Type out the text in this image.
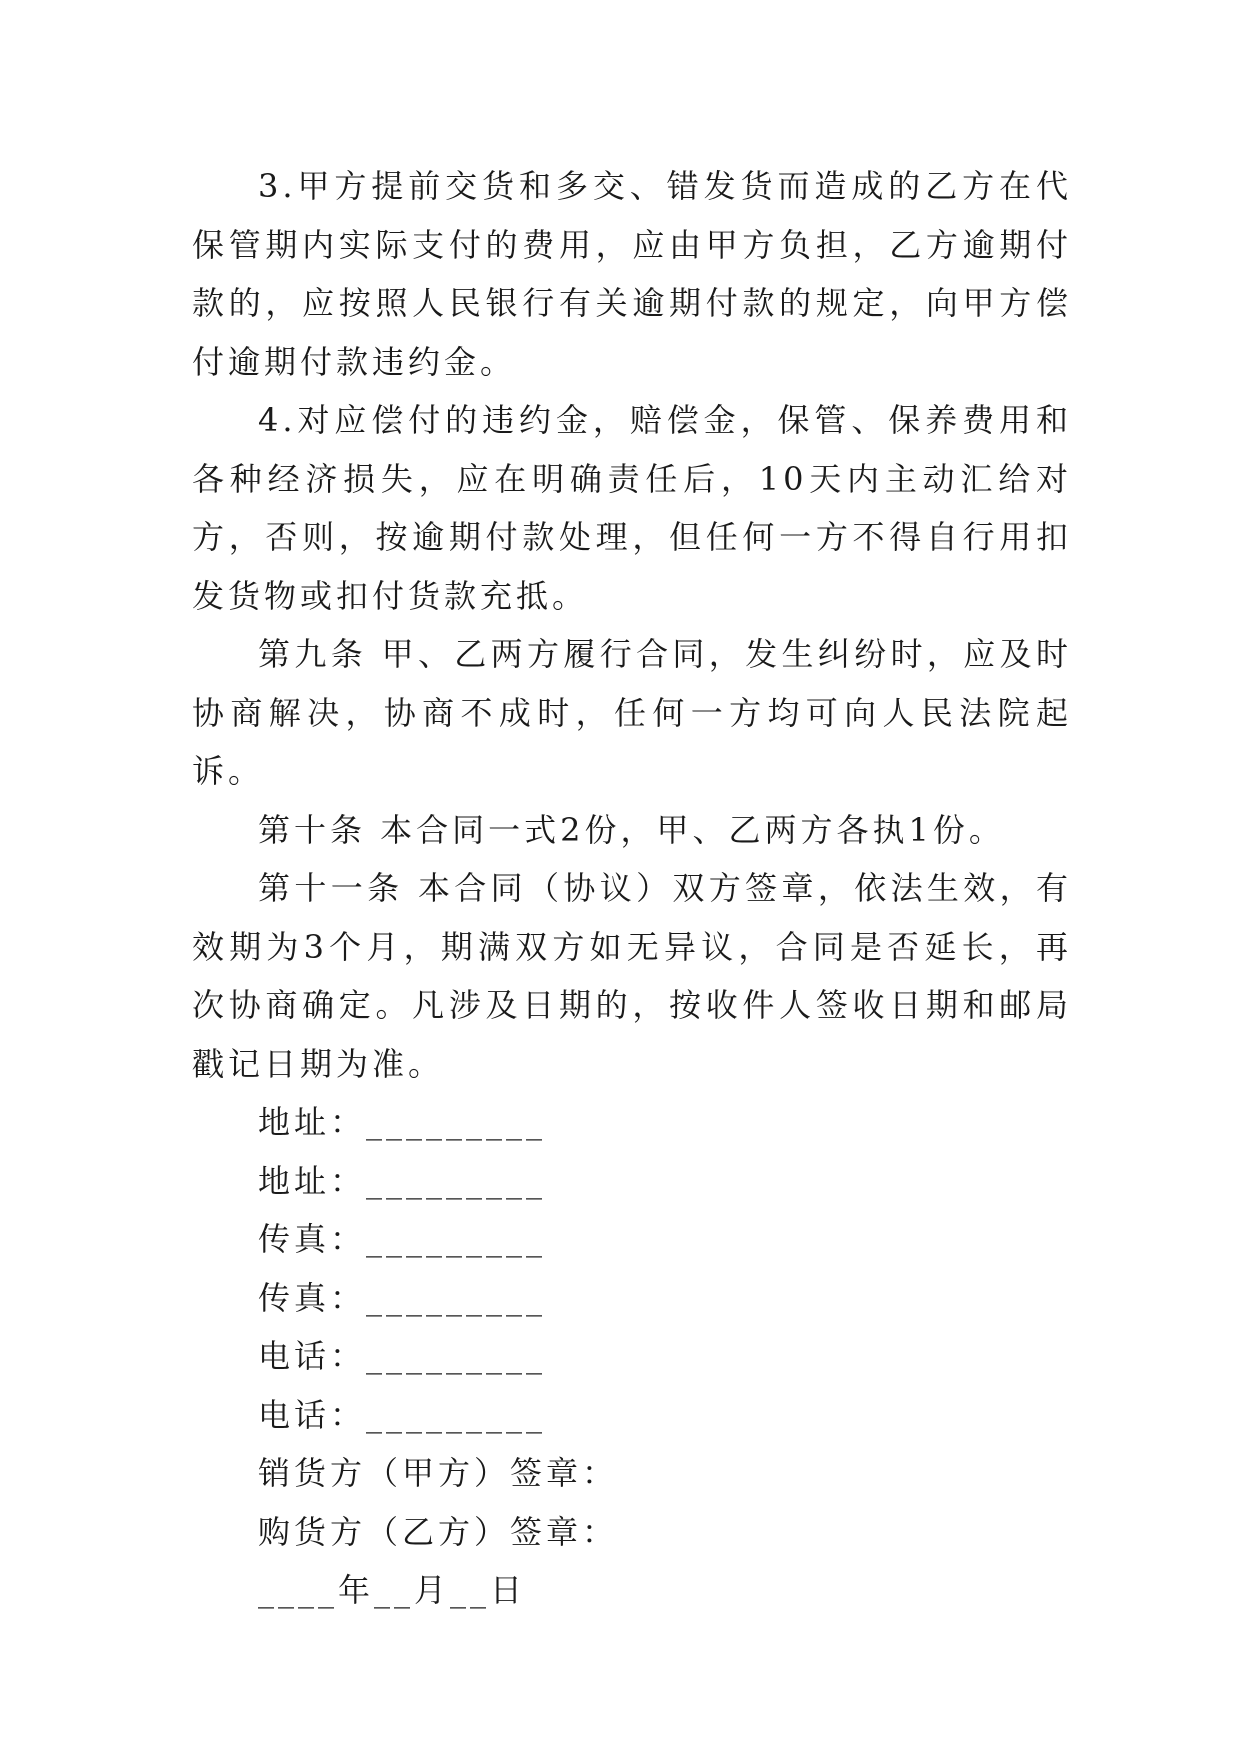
3.甲方提前交货和多交、错发货而造成的乙方在代保管期内实际支付的费用，应由甲方负担，乙方逾期付款的，应按照人民银行有关逾期付款的规定，向甲方偿付逾期付款违约金。

4.对应偿付的违约金，赔偿金，保管、保养费用和各种经济损失，应在明确责任后，10天内主动汇给对方，否则，按逾期付款处理，但任何一方不得自行用扣发货物或扣付货款充抵。

第九条 甲、乙两方履行合同，发生纠纷时，应及时协商解决，协商不成时，任何一方均可向人民法院起诉。

第十条 本合同一式2份，甲、乙两方各执1份。

第十一条 本合同（协议）双方签章，依法生效，有效期为3个月，期满双方如无异议，合同是否延长，再次协商确定。凡涉及日期的，按收件人签收日期和邮局戳记日期为准。

地址：_________

地址：_________

传真：_________

传真：_________

电话：_________

电话：_________

销货方（甲方）签章：

购货方（乙方）签章：

____年__月__日
